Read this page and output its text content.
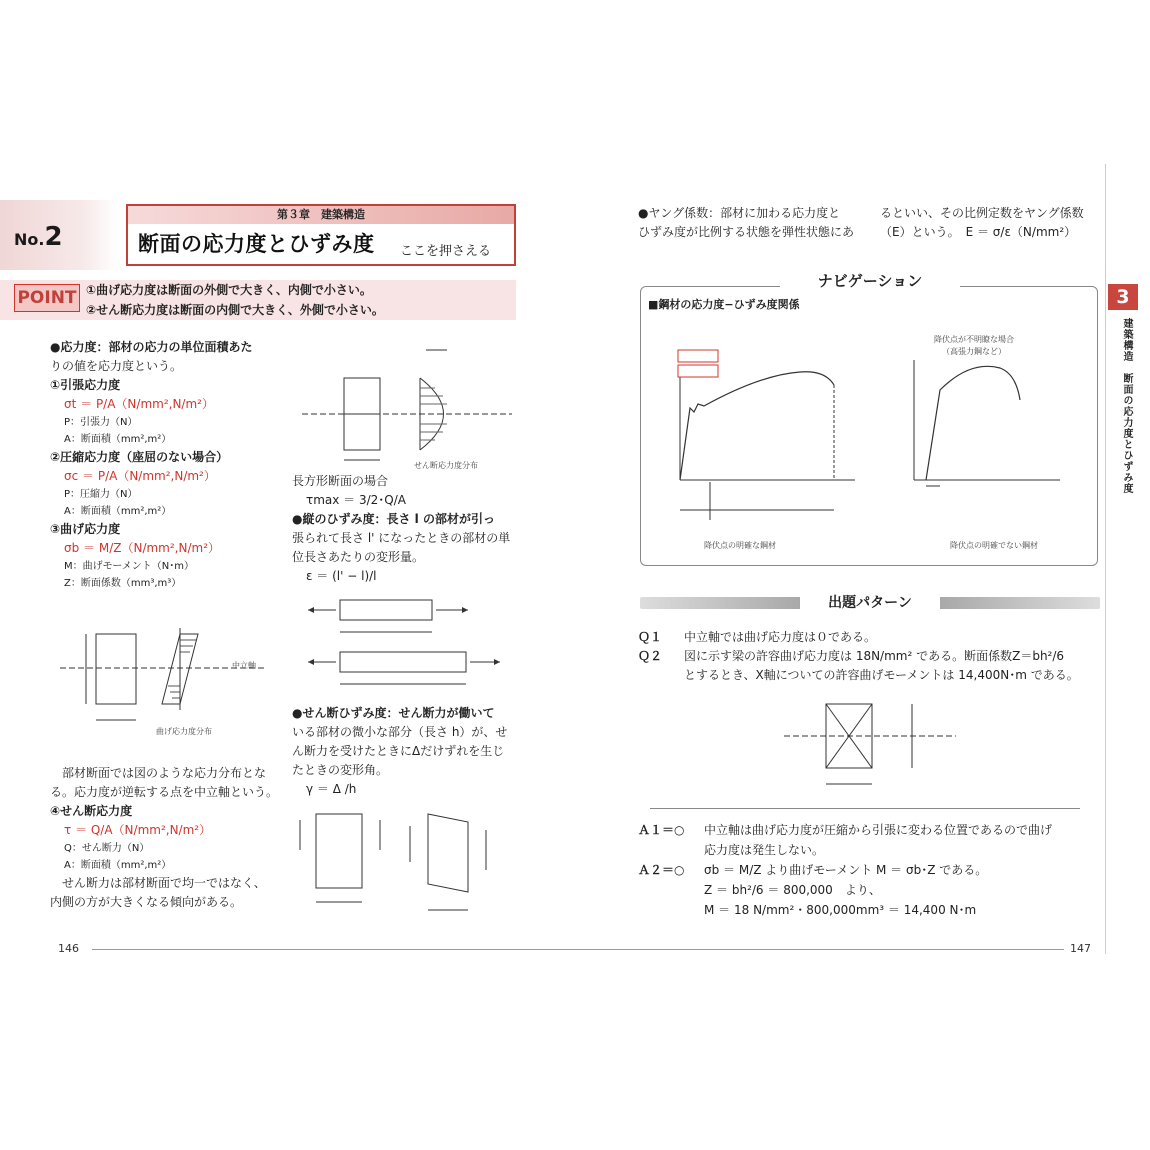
No.2
第３章　建築構造
断面の応力度とひずみ度 ここを押さえる
POINT ①曲げ応力度は断面の外側で大きく、内側で小さい。
②せん断応力度は断面の内側で大きく、外側で小さい。
●応力度：部材の応力の単位面積あた
りの値を応力度という。
①引張応力度
σt ＝ P/A（N/mm²,N/m²）
P：引張力（N）
A：断面積（mm²,m²）
②圧縮応力度（座屈のない場合）
σc ＝ P/A（N/mm²,N/m²）
P：圧縮力（N）
A：断面積（mm²,m²）
③曲げ応力度
σb ＝ M/Z（N/mm²,N/m²）
M：曲げモーメント（N･m）
Z：断面係数（mm³,m³）
中立軸
曲げ応力度分布
部材断面では図のような応力分布とな
る。応力度が逆転する点を中立軸という。
④せん断応力度
τ ＝ Q/A（N/mm²,N/m²）
Q：せん断力（N）
A：断面積（mm²,m²）
せん断力は部材断面で均一ではなく、
内側の方が大きくなる傾向がある。
せん断応力度分布
長方形断面の場合
τmax ＝ 3/2･Q/A
●縦のひずみ度：長さ l の部材が引っ
張られて長さ l' になったときの部材の単
位長さあたりの変形量。
ε ＝ (l' − l)/l
●せん断ひずみ度：せん断力が働いて
いる部材の微小な部分（長さ h）が、せ
ん断力を受けたときにΔだけずれを生じ
たときの変形角。
γ ＝ Δ /h
●ヤング係数：部材に加わる応力度と
ひずみ度が比例する状態を弾性状態にあ
るといい、その比例定数をヤング係数
（E）という。　E ＝ σ/ε（N/mm²）
ナビゲーション
■鋼材の応力度−ひずみ度関係
降伏点の明確な鋼材	降伏点の明確でない鋼材
降伏点が不明瞭な場合
（高張力鋼など）
出題パターン
Ｑ１	中立軸では曲げ応力度は０である。
Ｑ２	図に示す梁の許容曲げ応力度は 18N/mm² である。断面係数Z＝bh²/6
とするとき、X軸についての許容曲げモーメントは 14,400N･m である。
Ａ１＝○	中立軸は曲げ応力度が圧縮から引張に変わる位置であるので曲げ
応力度は発生しない。
Ａ２＝○	σb ＝ M/Z より曲げモーメント M ＝ σb･Z である。
Z ＝ bh²/6 ＝ 800,000　より、
M ＝ 18 N/mm²・800,000mm³ ＝ 14,400 N･m
3
建築構造　断面の応力度とひずみ度
146	147
